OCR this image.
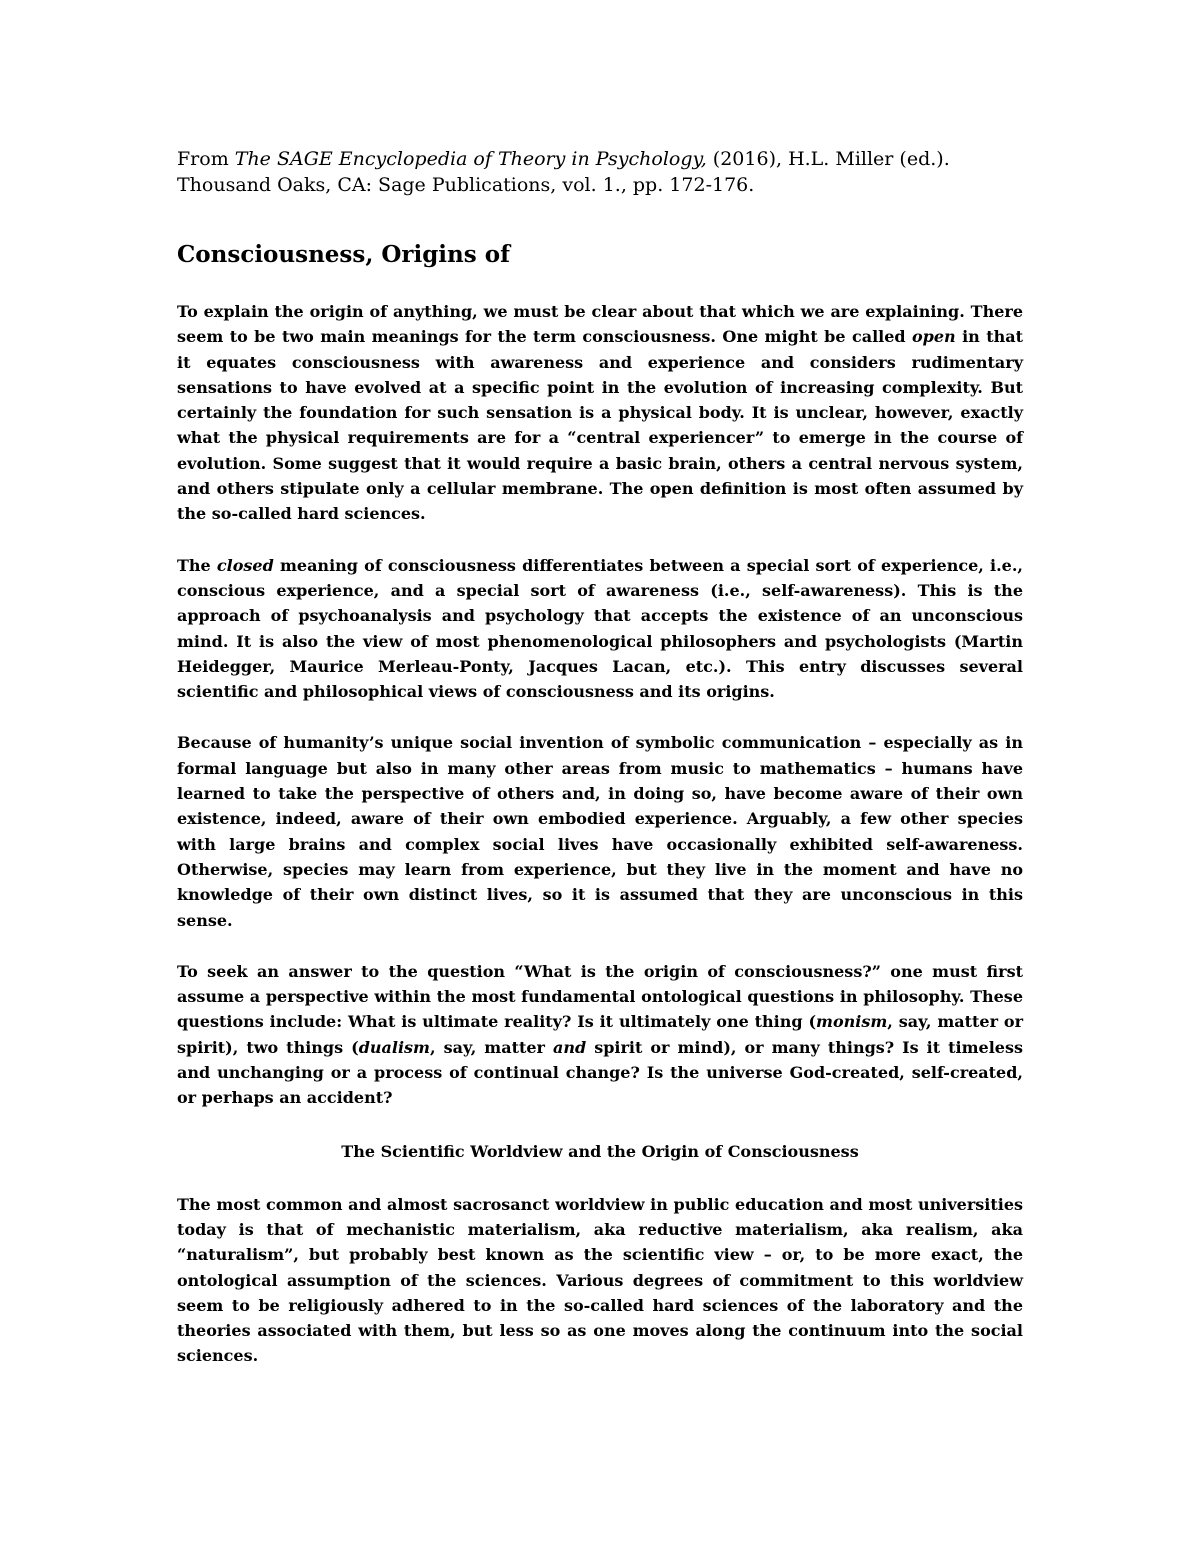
From The SAGE Encyclopedia of Theory in Psychology, (2016), H.L. Miller (ed.).
Thousand Oaks, CA: Sage Publications, vol. 1., pp. 172-176.

Consciousness, Origins of

To explain the origin of anything, we must be clear about that which we are explaining. There seem to be two main meanings for the term consciousness. One might be called open in that it equates consciousness with awareness and experience and considers rudimentary sensations to have evolved at a specific point in the evolution of increasing complexity. But certainly the foundation for such sensation is a physical body. It is unclear, however, exactly what the physical requirements are for a “central experiencer” to emerge in the course of evolution. Some suggest that it would require a basic brain, others a central nervous system, and others stipulate only a cellular membrane. The open definition is most often assumed by the so-called hard sciences.

The closed meaning of consciousness differentiates between a special sort of experience, i.e., conscious experience, and a special sort of awareness (i.e., self-awareness). This is the approach of psychoanalysis and psychology that accepts the existence of an unconscious mind. It is also the view of most phenomenological philosophers and psychologists (Martin Heidegger, Maurice Merleau-Ponty, Jacques Lacan, etc.). This entry discusses several scientific and philosophical views of consciousness and its origins.

Because of humanity’s unique social invention of symbolic communication – especially as in formal language but also in many other areas from music to mathematics – humans have learned to take the perspective of others and, in doing so, have become aware of their own existence, indeed, aware of their own embodied experience. Arguably, a few other species with large brains and complex social lives have occasionally exhibited self-awareness. Otherwise, species may learn from experience, but they live in the moment and have no knowledge of their own distinct lives, so it is assumed that they are unconscious in this sense.

To seek an answer to the question “What is the origin of consciousness?” one must first assume a perspective within the most fundamental ontological questions in philosophy. These questions include: What is ultimate reality? Is it ultimately one thing (monism, say, matter or spirit), two things (dualism, say, matter and spirit or mind), or many things? Is it timeless and unchanging or a process of continual change? Is the universe God-created, self-created, or perhaps an accident?

The Scientific Worldview and the Origin of Consciousness

The most common and almost sacrosanct worldview in public education and most universities today is that of mechanistic materialism, aka reductive materialism, aka realism, aka “naturalism”, but probably best known as the scientific view – or, to be more exact, the ontological assumption of the sciences. Various degrees of commitment to this worldview seem to be religiously adhered to in the so-called hard sciences of the laboratory and the theories associated with them, but less so as one moves along the continuum into the social sciences.
